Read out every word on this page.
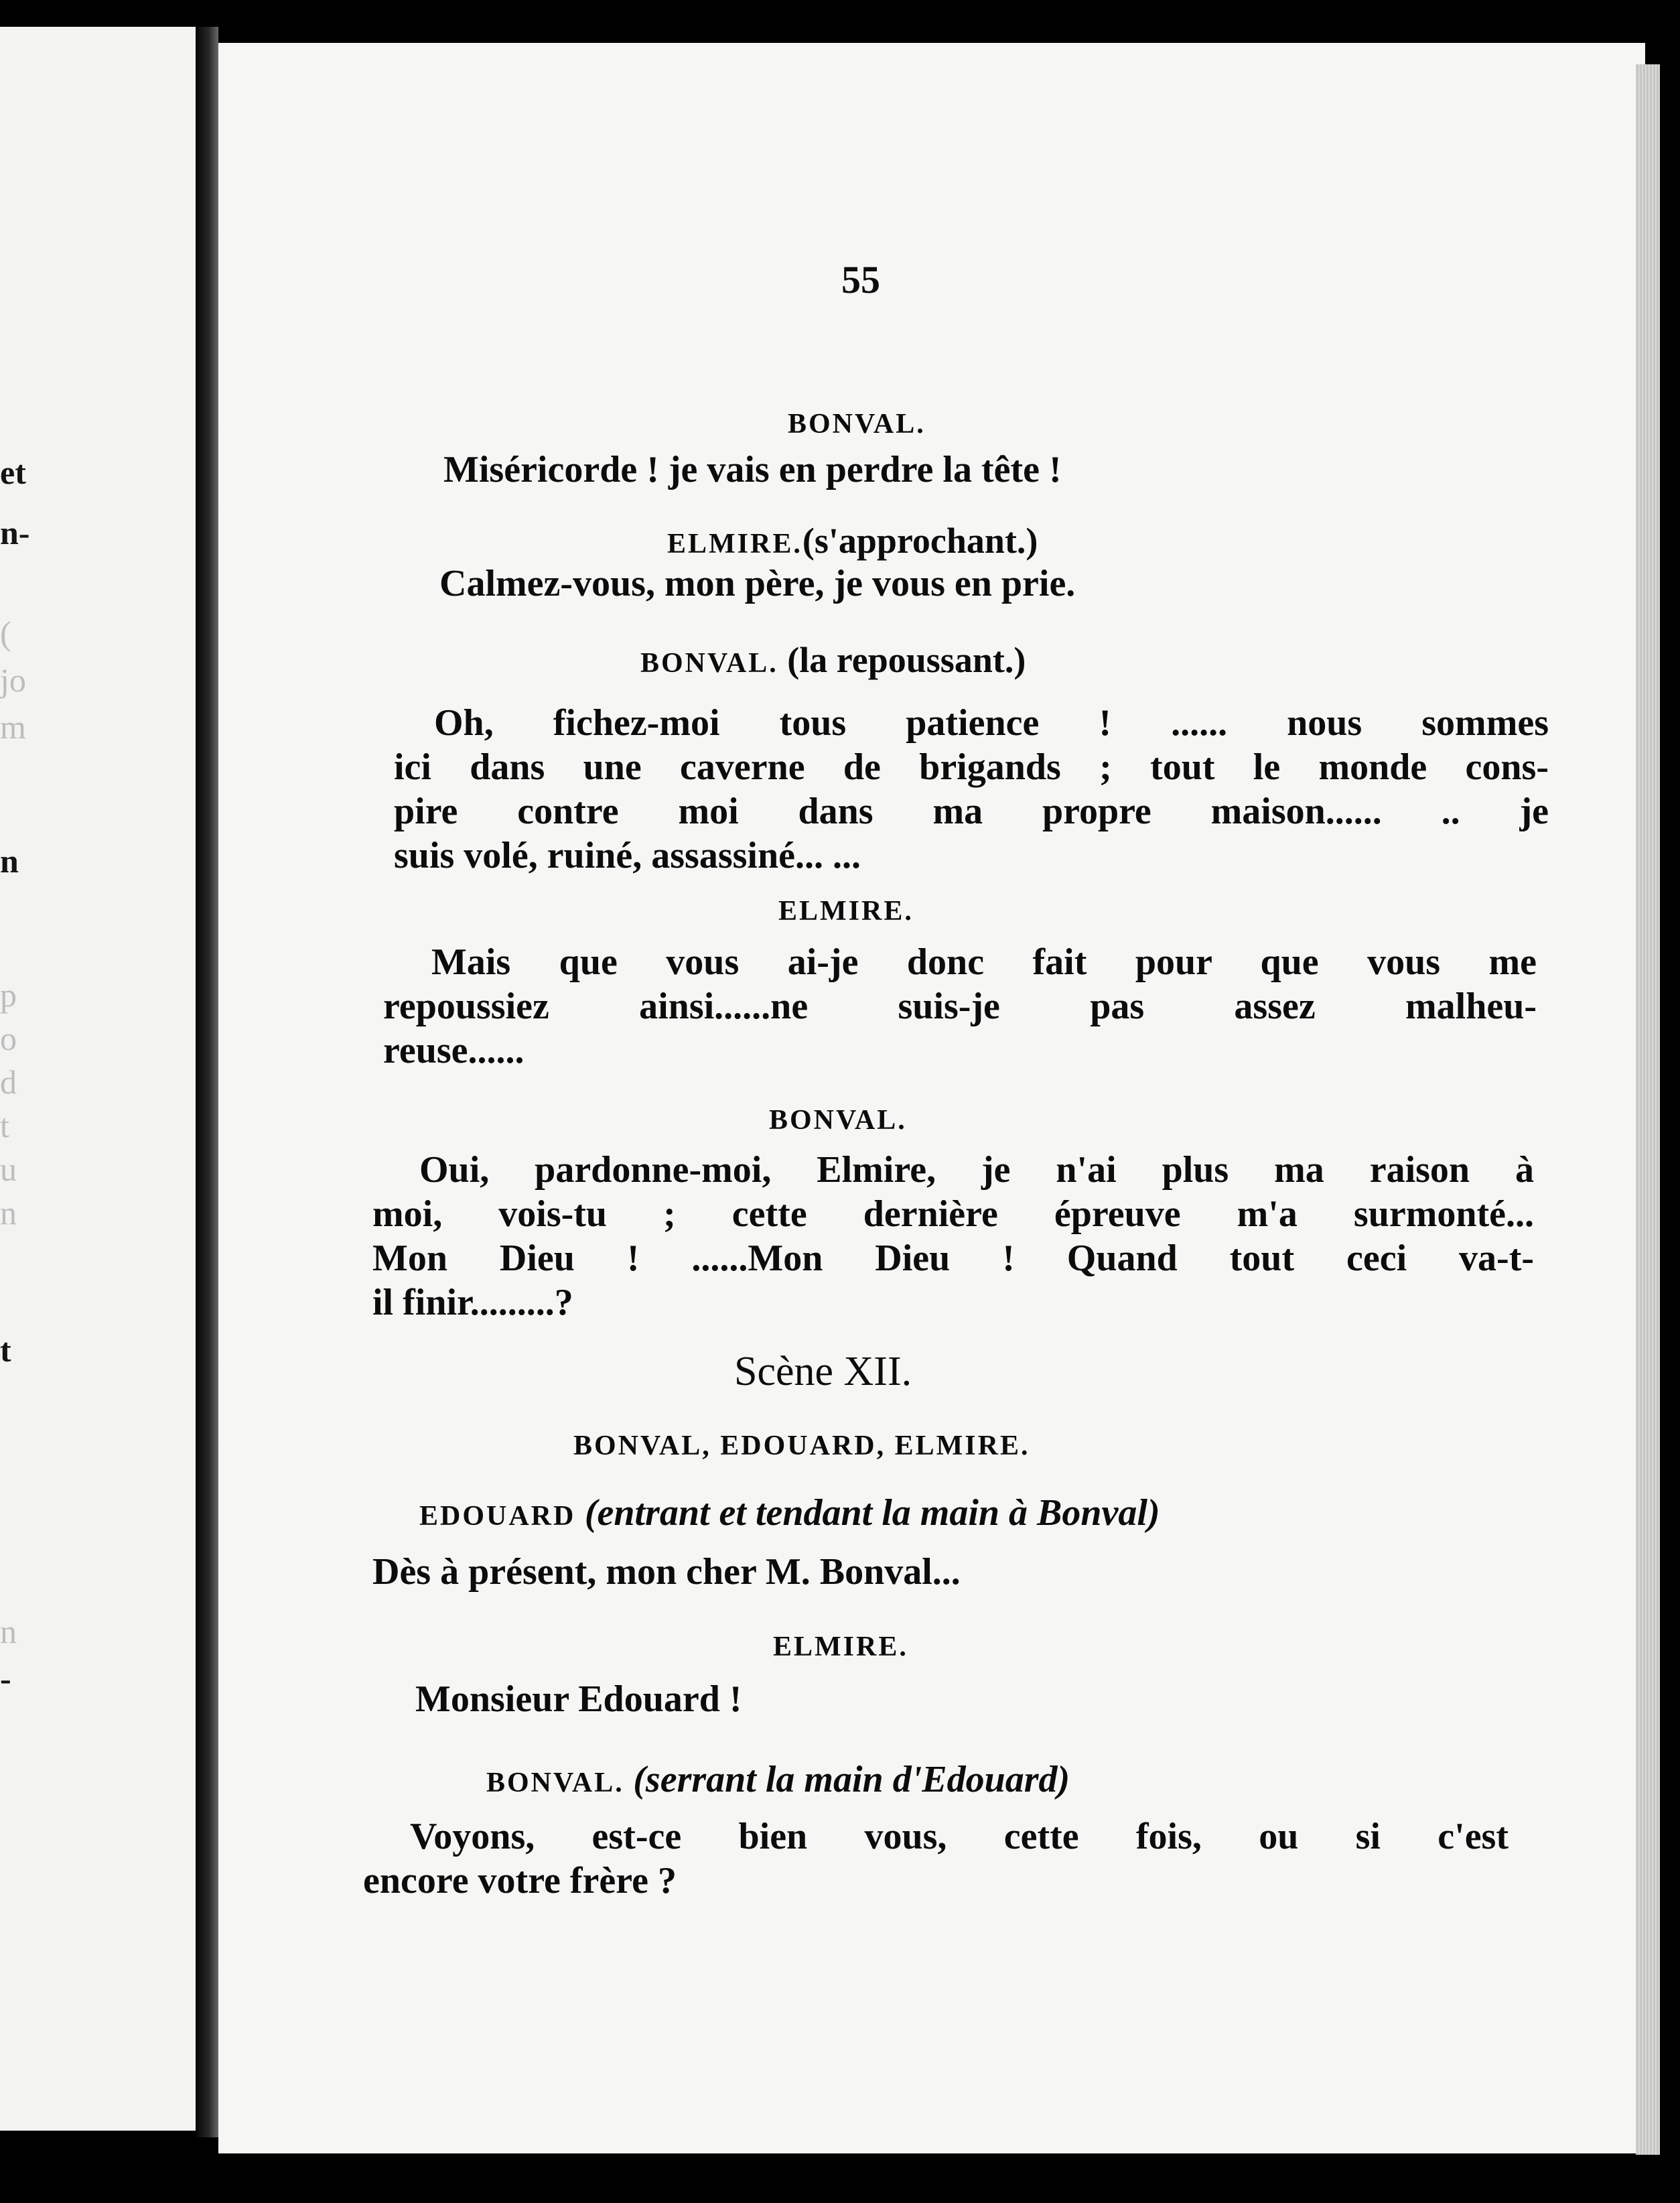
et
n-
(
jo
m
n
p
o
d
t
u
n
t
n
-
55
BONVAL.
Miséricorde ! je vais en perdre la tête !
ELMIRE.(s'approchant.)
Calmez-vous, mon père, je vous en prie.
BONVAL. (la repoussant.)
Oh, fichez-moi tous patience ! ...... nous sommes
ici dans une caverne de brigands ; tout le monde cons-
pire contre moi dans ma propre maison...... .. je
suis volé, ruiné, assassiné... ...
ELMIRE.
Mais que vous ai-je donc fait pour que vous me
repoussiez ainsi......ne suis-je pas assez malheu-
reuse......
BONVAL.
Oui, pardonne-moi, Elmire, je n'ai plus ma raison à
moi, vois-tu ; cette dernière épreuve m'a surmonté...
Mon Dieu ! ......Mon Dieu ! Quand tout ceci va-t-
il finir.........?
Scène XII.
BONVAL, EDOUARD, ELMIRE.
EDOUARD (entrant et tendant la main à Bonval)
Dès à présent, mon cher M. Bonval...
ELMIRE.
Monsieur Edouard !
BONVAL. (serrant la main d'Edouard)
Voyons, est-ce bien vous, cette fois, ou si c'est
encore votre frère ?
